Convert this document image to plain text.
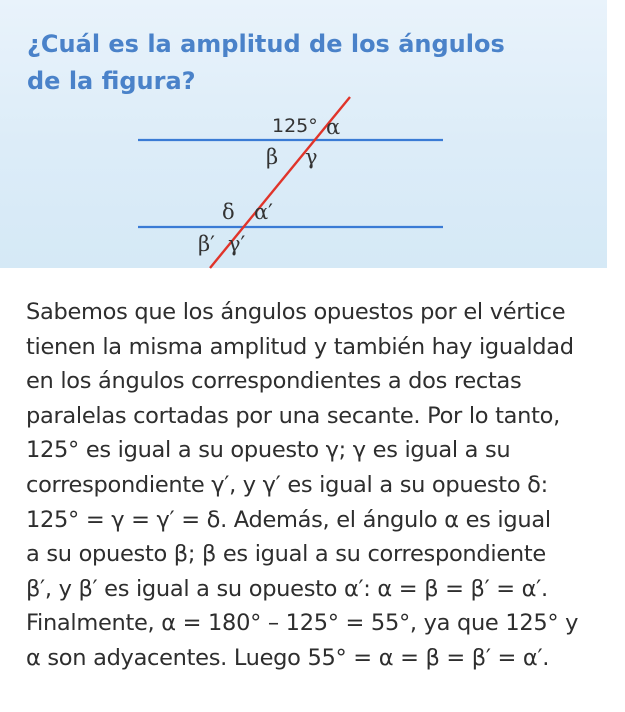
¿Cuál es la amplitud de los ángulos
de la figura?
125° α
β γ
δ α′
β′ γ′
Sabemos que los ángulos opuestos por el vértice
tienen la misma amplitud y también hay igualdad
en los ángulos correspondientes a dos rectas
paralelas cortadas por una secante. Por lo tanto,
125° es igual a su opuesto γ; γ es igual a su
correspondiente γ′, y γ′ es igual a su opuesto δ:
125° = γ = γ′ = δ. Además, el ángulo α es igual
a su opuesto β; β es igual a su correspondiente
β′, y β′ es igual a su opuesto α′: α = β = β′ = α′.
Finalmente, α = 180° – 125° = 55°, ya que 125° y
α son adyacentes. Luego 55° = α = β = β′ = α′.
